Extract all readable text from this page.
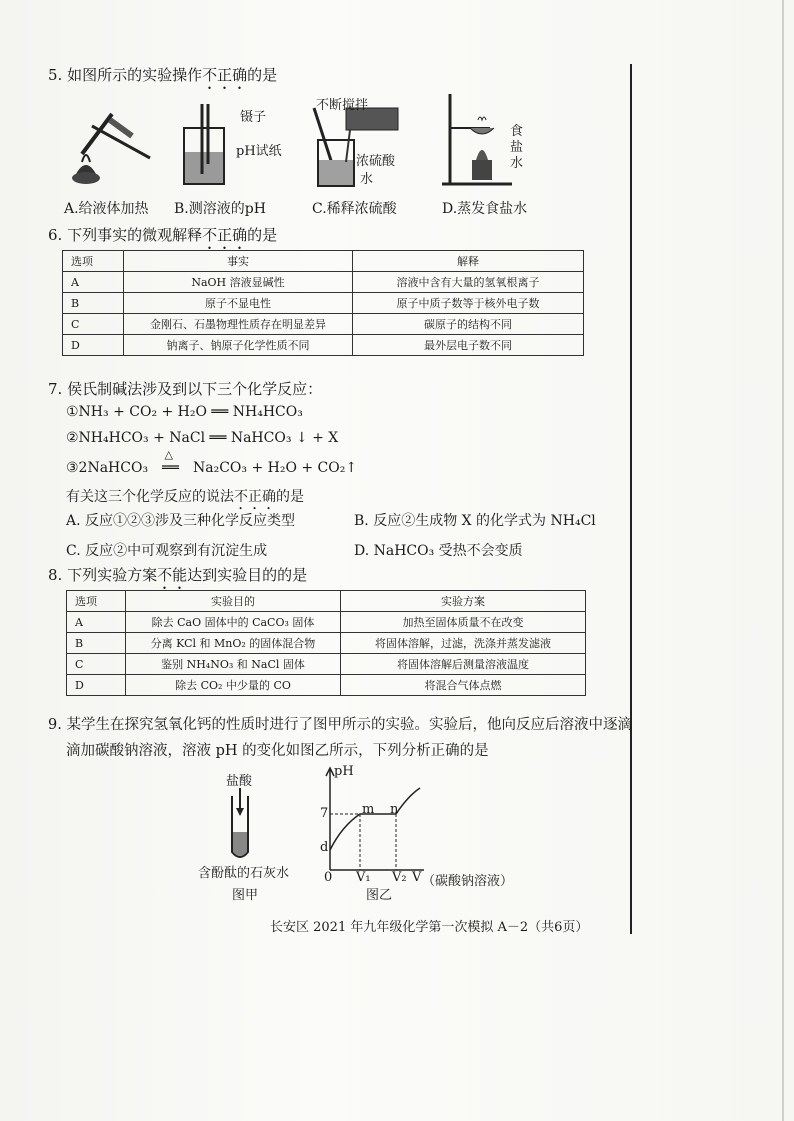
5. 如图所示的实验操作不正确的是
镊子
pH试纸
不断搅拌
浓硫酸
水
食
盐
水
A.给液体加热 B.测溶液的pH	C.稀释浓硫酸	D.蒸发食盐水
6. 下列事实的微观解释不正确的是
选项	事实	解释
A	NaOH 溶液显碱性	溶液中含有大量的氢氧根离子
B	原子不显电性	原子中质子数等于核外电子数
C	金刚石、石墨物理性质存在明显差异	碳原子的结构不同
D	钠离子、钠原子化学性质不同	最外层电子数不同
7. 侯氏制碱法涉及到以下三个化学反应：
①NH₃ + CO₂ + H₂O ══ NH₄HCO₃
②NH₄HCO₃ + NaCl ══ NaHCO₃ ↓ + X
③2NaHCO₃
△
══ Na₂CO₃ + H₂O + CO₂↑
有关这三个化学反应的说法不正确的是
A. 反应①②③涉及三种化学反应类型	B. 反应②生成物 X 的化学式为 NH₄Cl
C. 反应②中可观察到有沉淀生成	D. NaHCO₃ 受热不会变质
8. 下列实验方案不能达到实验目的的是
选项	实验目的	实验方案
A	除去 CaO 固体中的 CaCO₃ 固体	加热至固体质量不在改变
B	分离 KCl 和 MnO₂ 的固体混合物	将固体溶解，过滤，洗涤并蒸发滤液
C	鉴别 NH₄NO₃ 和 NaCl 固体	将固体溶解后测量溶液温度
D	除去 CO₂ 中少量的 CO	将混合气体点燃
9. 某学生在探究氢氧化钙的性质时进行了图甲所示的实验。实验后，他向反应后溶液中逐滴
滴加碳酸钠溶液，溶液 pH 的变化如图乙所示，下列分析正确的是
盐酸
含酚酞的石灰水
图甲
pH
7
d
m n
0 V₁ V₂ V （碳酸钠溶液）
图乙
长安区 2021 年九年级化学第一次模拟 A－2（共6页）
